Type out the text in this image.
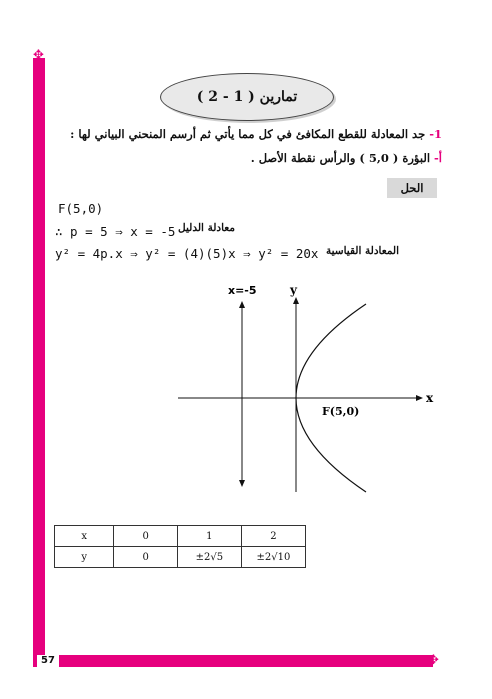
✥
✥
57
تمارين ( 1 - 2 )
1- جد المعادلة للقطع المكافئ في كل مما يأتي ثم أرسم المنحني البياني لها :
أ- البؤرة ( 5,0 ) والرأس نقطة الأصل .
الحل
F(5,0)
∴ p = 5 ⇒ x = -5 معادلة الدليل
y² = 4p.x ⇒ y² = (4)(5)x ⇒ y² = 20x المعادلة القياسية
x
y
x=-5
F(5,0)
x	0	1	2
y	0	±2√5	±2√10
